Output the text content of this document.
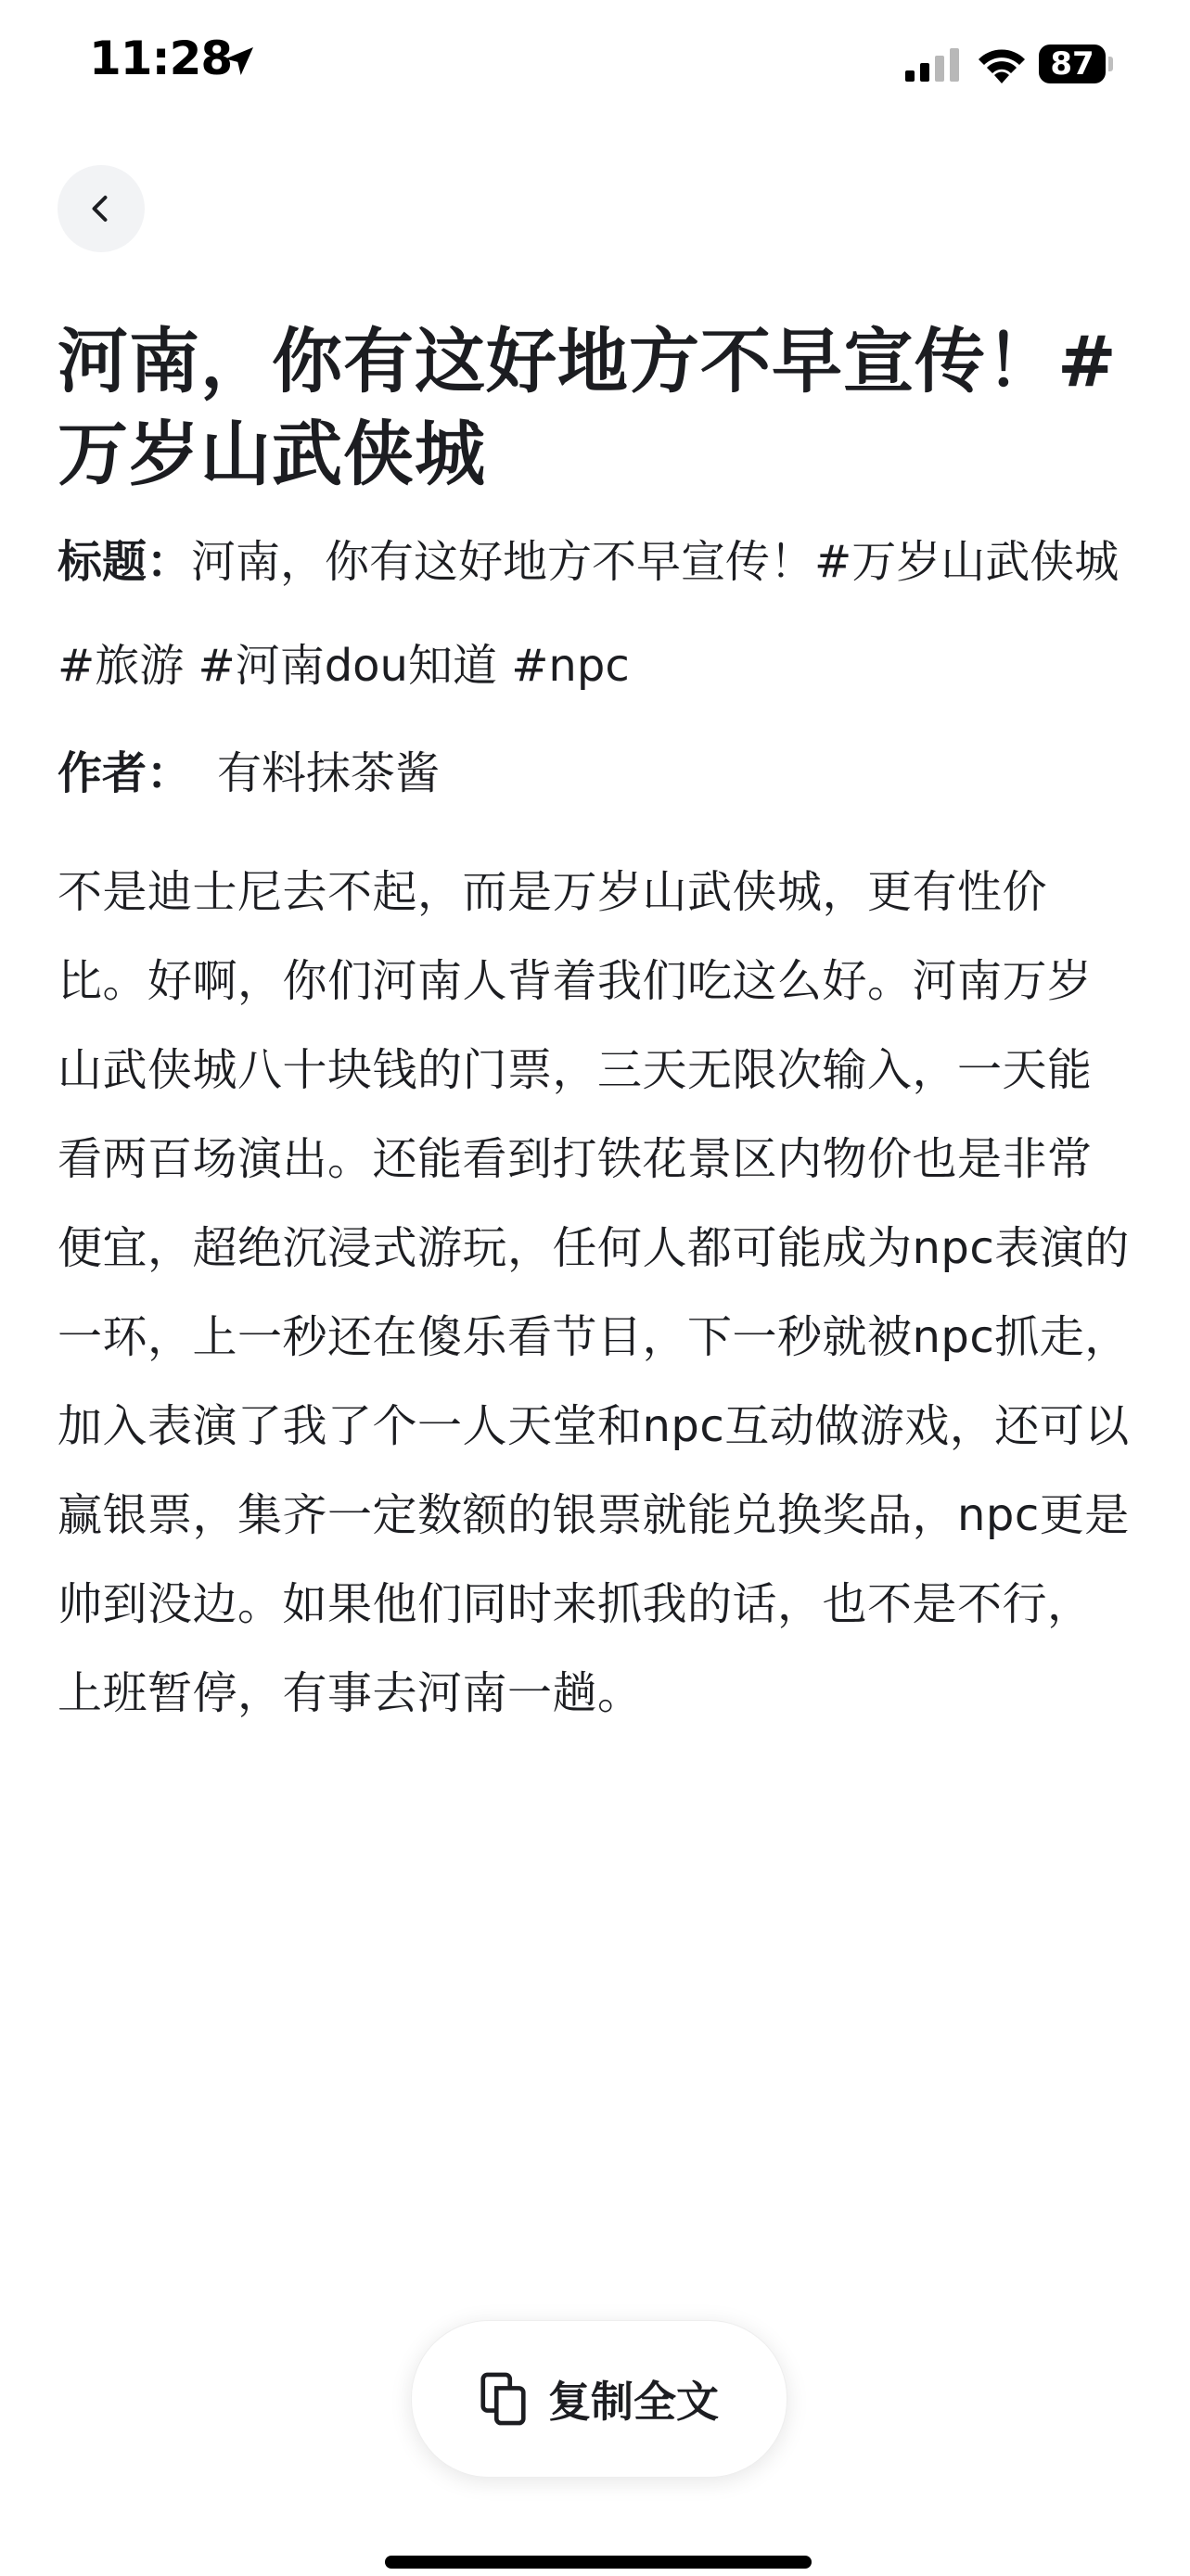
11:28	87
河南，你有这好地方不早宣传！#万岁山武侠城
标题：河南，你有这好地方不早宣传！#万岁山武侠城
#旅游 #河南dou知道 #npc
作者： 有料抹茶酱
不是迪士尼去不起，而是万岁山武侠城，更有性价比。好啊，你们河南人背着我们吃这么好。河南万岁山武侠城八十块钱的门票，三天无限次输入，一天能看两百场演出。还能看到打铁花景区内物价也是非常便宜，超绝沉浸式游玩，任何人都可能成为npc表演的一环，上一秒还在傻乐看节目，下一秒就被npc抓走，加入表演了我了个一人天堂和npc互动做游戏，还可以赢银票，集齐一定数额的银票就能兑换奖品，npc更是帅到没边。如果他们同时来抓我的话，也不是不行，上班暂停，有事去河南一趟。
复制全文
